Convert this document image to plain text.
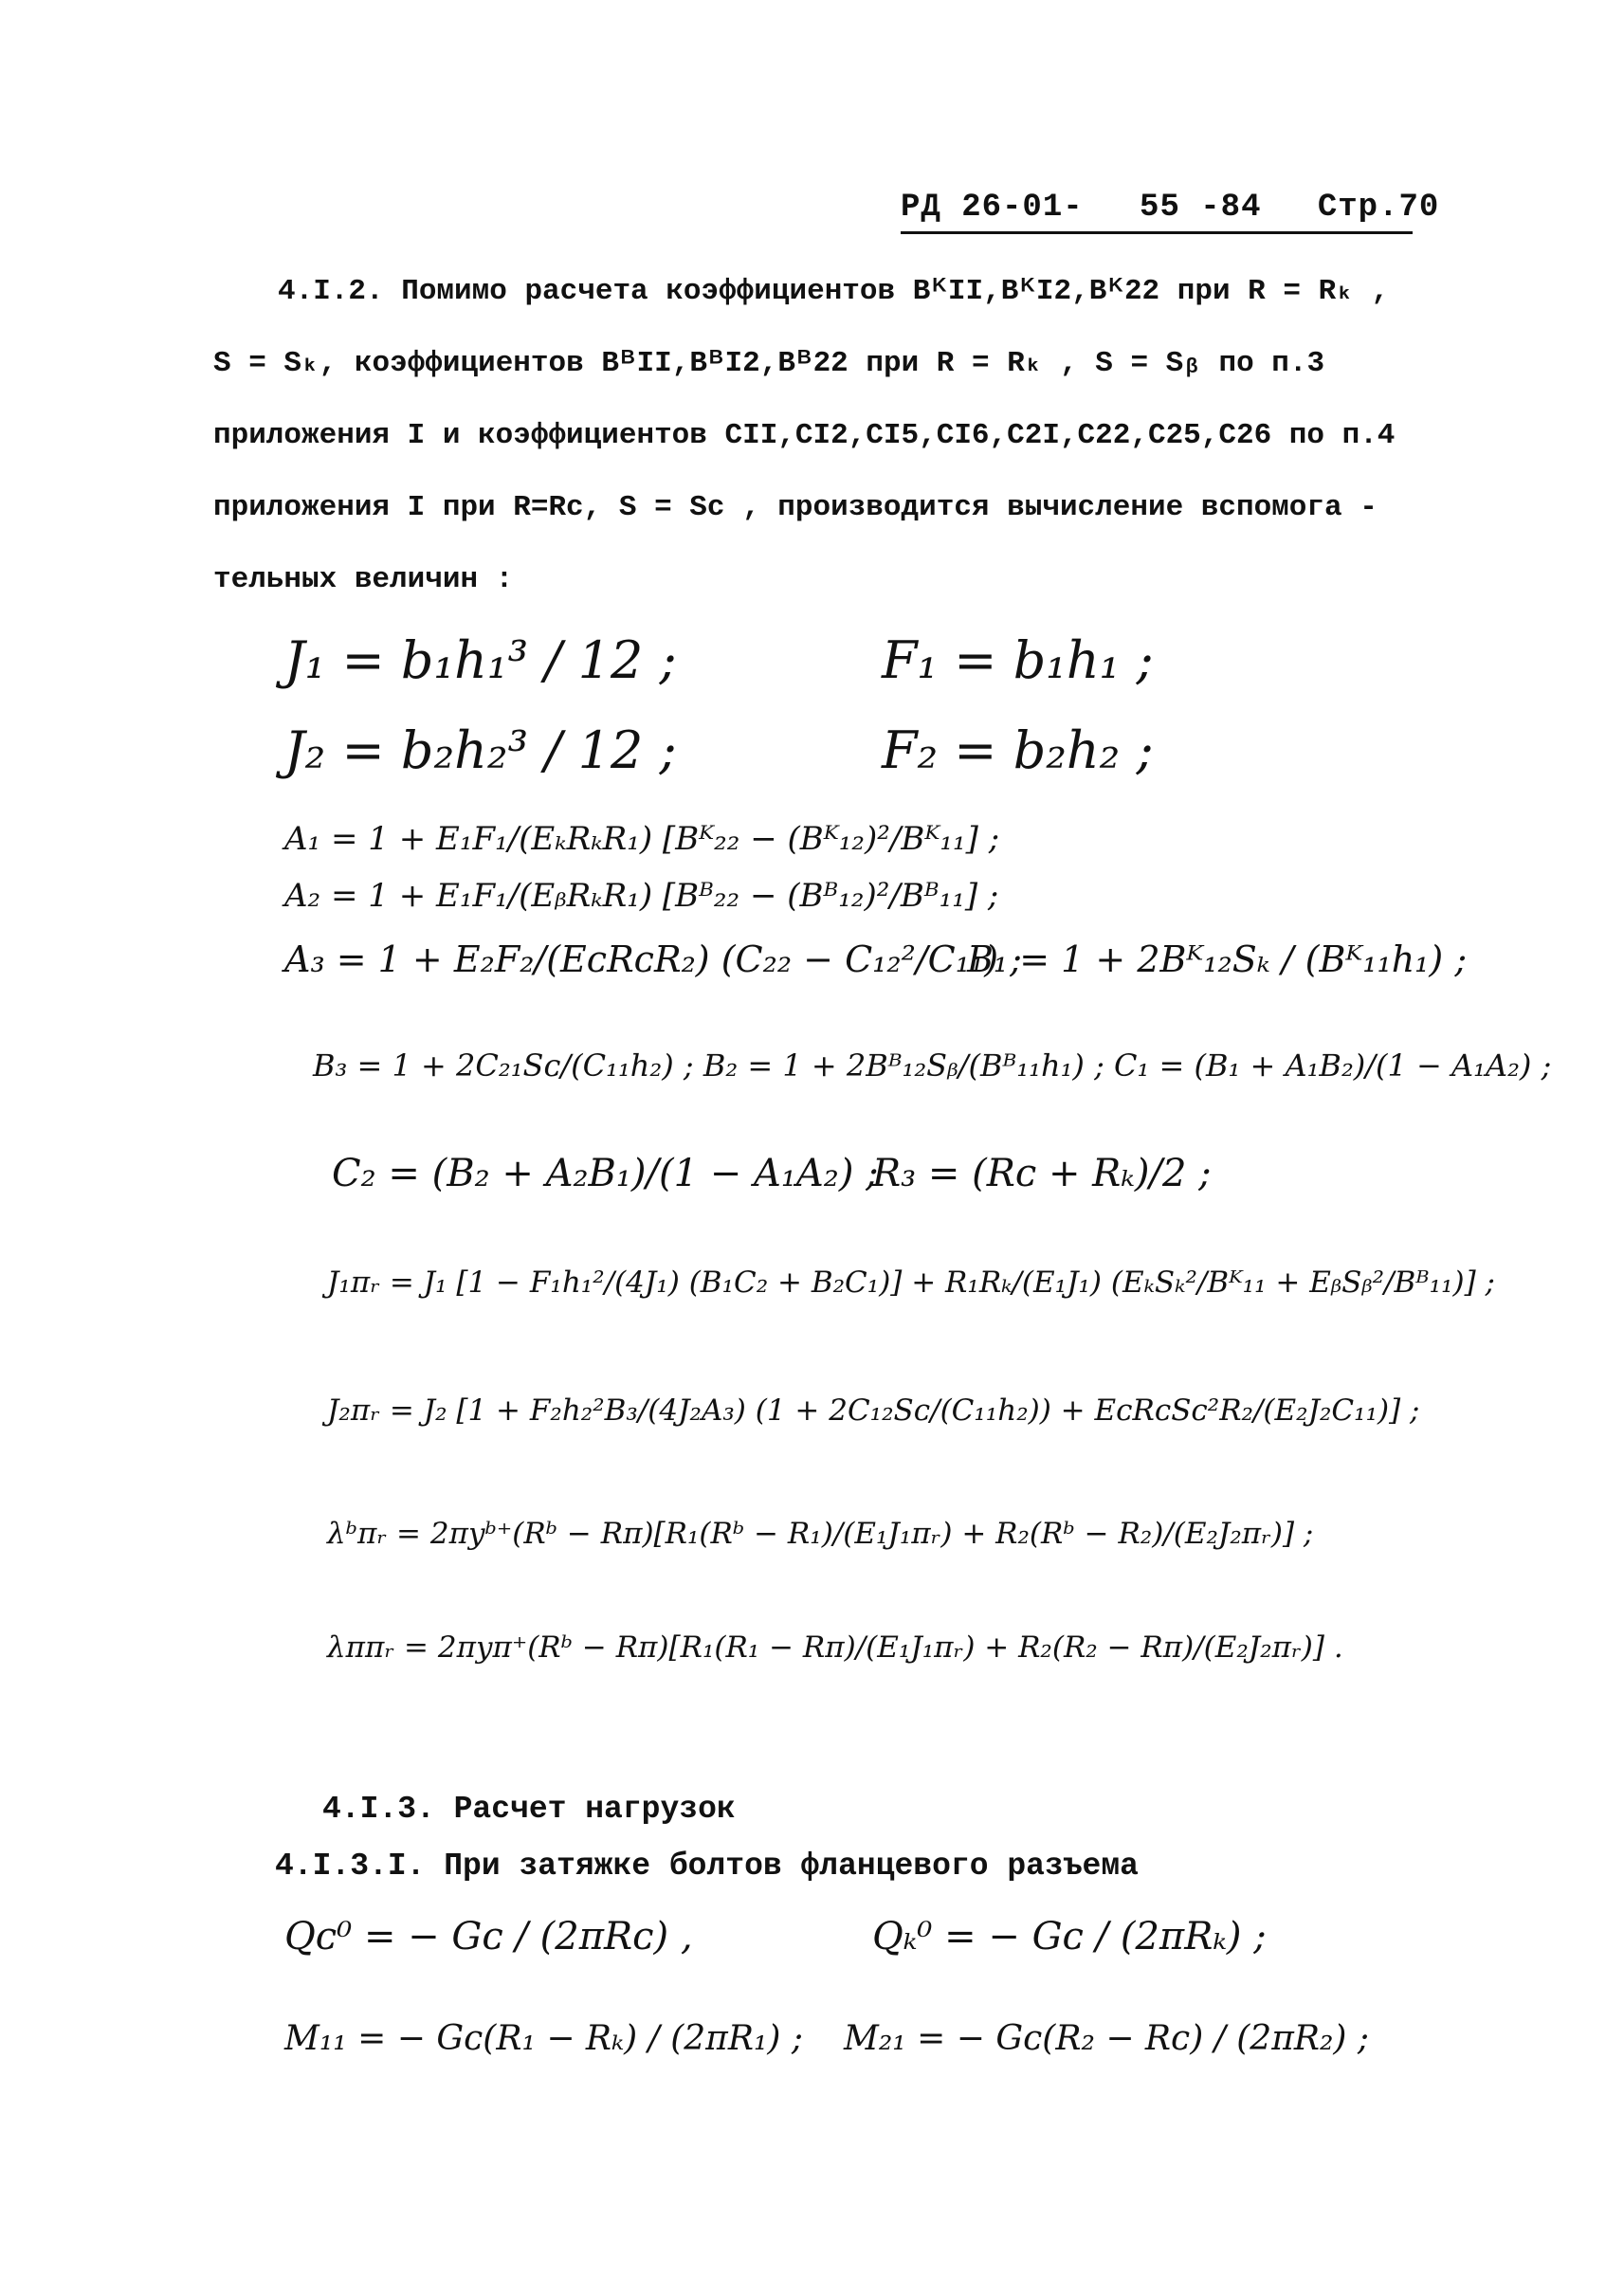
РД 26-01- 55 -84 Стр.70
4.I.2. Помимо расчета коэффициентов BᴷII,BᴷI2,Bᴷ22 при R = Rₖ ,
S = Sₖ, коэффициентов BᴮII,BᴮI2,Bᴮ22 при R = Rₖ , S = Sᵦ по п.3
приложения I и коэффициентов CII,CI2,CI5,CI6,C2I,C22,C25,C26 по п.4
приложения I при R=Rᴄ, S = Sᴄ , производится вычисление вспомога -
тельных величин :
J₁ = b₁h₁³ / 12 ;	F₁ = b₁h₁ ;
J₂ = b₂h₂³ / 12 ;	F₂ = b₂h₂ ;
A₁ = 1 + E₁F₁/(EₖRₖR₁) [Bᴷ₂₂ − (Bᴷ₁₂)²/Bᴷ₁₁] ;
A₂ = 1 + E₁F₁/(EᵦRₖR₁) [Bᴮ₂₂ − (Bᴮ₁₂)²/Bᴮ₁₁] ;
A₃ = 1 + E₂F₂/(EᴄRᴄR₂) (C₂₂ − C₁₂²/C₁₁) ;
B₁ = 1 + 2Bᴷ₁₂Sₖ / (Bᴷ₁₁h₁) ;
B₃ = 1 + 2C₂₁Sᴄ/(C₁₁h₂) ; B₂ = 1 + 2Bᴮ₁₂Sᵦ/(Bᴮ₁₁h₁) ; C₁ = (B₁ + A₁B₂)/(1 − A₁A₂) ;
C₂ = (B₂ + A₂B₁)/(1 − A₁A₂) ;
R₃ = (Rᴄ + Rₖ)/2 ;
J₁πᵣ = J₁ [1 − F₁h₁²/(4J₁) (B₁C₂ + B₂C₁)] + R₁Rₖ/(E₁J₁) (EₖSₖ²/Bᴷ₁₁ + EᵦSᵦ²/Bᴮ₁₁)] ;
J₂πᵣ = J₂ [1 + F₂h₂²B₃/(4J₂A₃) (1 + 2C₁₂Sᴄ/(C₁₁h₂)) + EᴄRᴄSᴄ²R₂/(E₂J₂C₁₁)] ;
λᵇπᵣ = 2πyᵇ⁺(Rᵇ − Rπ)[R₁(Rᵇ − R₁)/(E₁J₁πᵣ) + R₂(Rᵇ − R₂)/(E₂J₂πᵣ)] ;
λππᵣ = 2πyπ⁺(Rᵇ − Rπ)[R₁(R₁ − Rπ)/(E₁J₁πᵣ) + R₂(R₂ − Rπ)/(E₂J₂πᵣ)] .
4.I.3. Расчет нагрузок
4.I.3.I. При затяжке болтов фланцевого разъема
Qᴄ⁰ = − Gᴄ / (2πRᴄ) ,	Qₖ⁰ = − Gᴄ / (2πRₖ) ;
M₁₁ = − Gᴄ(R₁ − Rₖ) / (2πR₁) ; M₂₁ = − Gᴄ(R₂ − Rᴄ) / (2πR₂) ;
